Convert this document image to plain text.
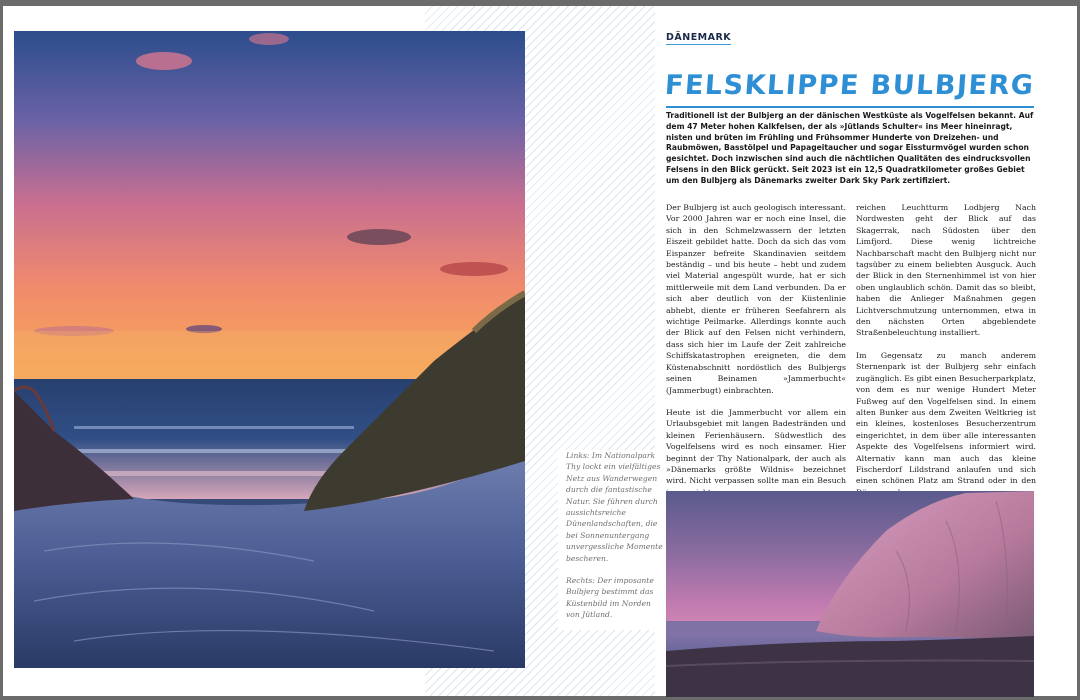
Links: Im Nationalpark Thy lockt ein vielfältiges Netz aus Wanderwegen durch die fantastische Natur. Sie führen durch aussichtsreiche Dünenlandschaften, die bei Sonnenuntergang unvergessliche Momente bescheren.

Rechts: Der imposante Bulbjerg bestimmt das Küstenbild im Norden von Jütland.

DÄNEMARK
FELSKLIPPE BULBJERG
Traditionell ist der Bulbjerg an der dänischen Westküste als Vogelfelsen bekannt. Auf dem 47 Meter hohen Kalkfelsen, der als »Jütlands Schulter« ins Meer hineinragt, nisten und brüten im Frühling und Frühsommer Hunderte von Dreizehen- und Raubmöwen, Basstölpel und Papageitaucher und sogar Eissturmvögel wurden schon gesichtet. Doch inzwischen sind auch die nächtlichen Qualitäten des eindrucksvollen Felsens in den Blick gerückt. Seit 2023 ist ein 12,5 Quadratkilometer großes Gebiet um den Bulbjerg als Dänemarks zweiter Dark Sky Park zertifiziert.

Der Bulbjerg ist auch geologisch interessant. Vor 2000 Jahren war er noch eine Insel, die sich in den Schmelzwassern der letzten Eiszeit gebildet hatte. Doch da sich das vom Eispanzer befreite Skandinavien seitdem beständig – und bis heute – hebt und zudem viel Material angespült wurde, hat er sich mittlerweile mit dem Land verbunden. Da er sich aber deutlich von der Küstenlinie abhebt, diente er früheren Seefahrern als wichtige Peilmarke. Allerdings konnte auch der Blick auf den Felsen nicht verhindern, dass sich hier im Laufe der Zeit zahlreiche Schiffskatastrophen ereigneten, die dem Küstenabschnitt nordöstlich des Bulbjergs seinen Beinamen »Jammerbucht« (Jammerbugt) einbrachten.

Heute ist die Jammerbucht vor allem ein Urlaubsgebiet mit langen Badestränden und kleinen Ferienhäusern. Südwestlich des Vogelfelsens wird es noch einsamer. Hier beginnt der Thy Nationalpark, der auch als »Dänemarks größte Wildnis« bezeichnet wird. Nicht verpassen sollte man ein Besuch

reichen Leuchtturm Lodbjerg Nach Nordwesten geht der Blick auf das Skagerrak, nach Südosten über den Limfjord. Diese wenig lichtreiche Nachbarschaft macht den Bulbjerg nicht nur tagsüber zu einem beliebten Ausguck. Auch der Blick in den Sternenhimmel ist von hier oben unglaublich schön. Damit das so bleibt, haben die Anlieger Maßnahmen gegen Lichtverschmutzung unternommen, etwa in den nächsten Orten abgeblendete Straßenbeleuchtung installiert.

Im Gegensatz zu manch anderem Sternenpark ist der Bulbjerg sehr einfach zugänglich. Es gibt einen Besucherparkplatz, von dem es nur wenige Hundert Meter Fußweg auf den Vogelfelsen sind. In einem alten Bunker aus dem Zweiten Weltkrieg ist ein kleines, kostenloses Besucherzentrum eingerichtet, in dem über alle interessanten Aspekte des Vogelfelsens informiert wird. Alternativ kann man auch das kleine Fischerdorf Lildstrand anlaufen und sich einen schönen Platz am Strand oder in den
